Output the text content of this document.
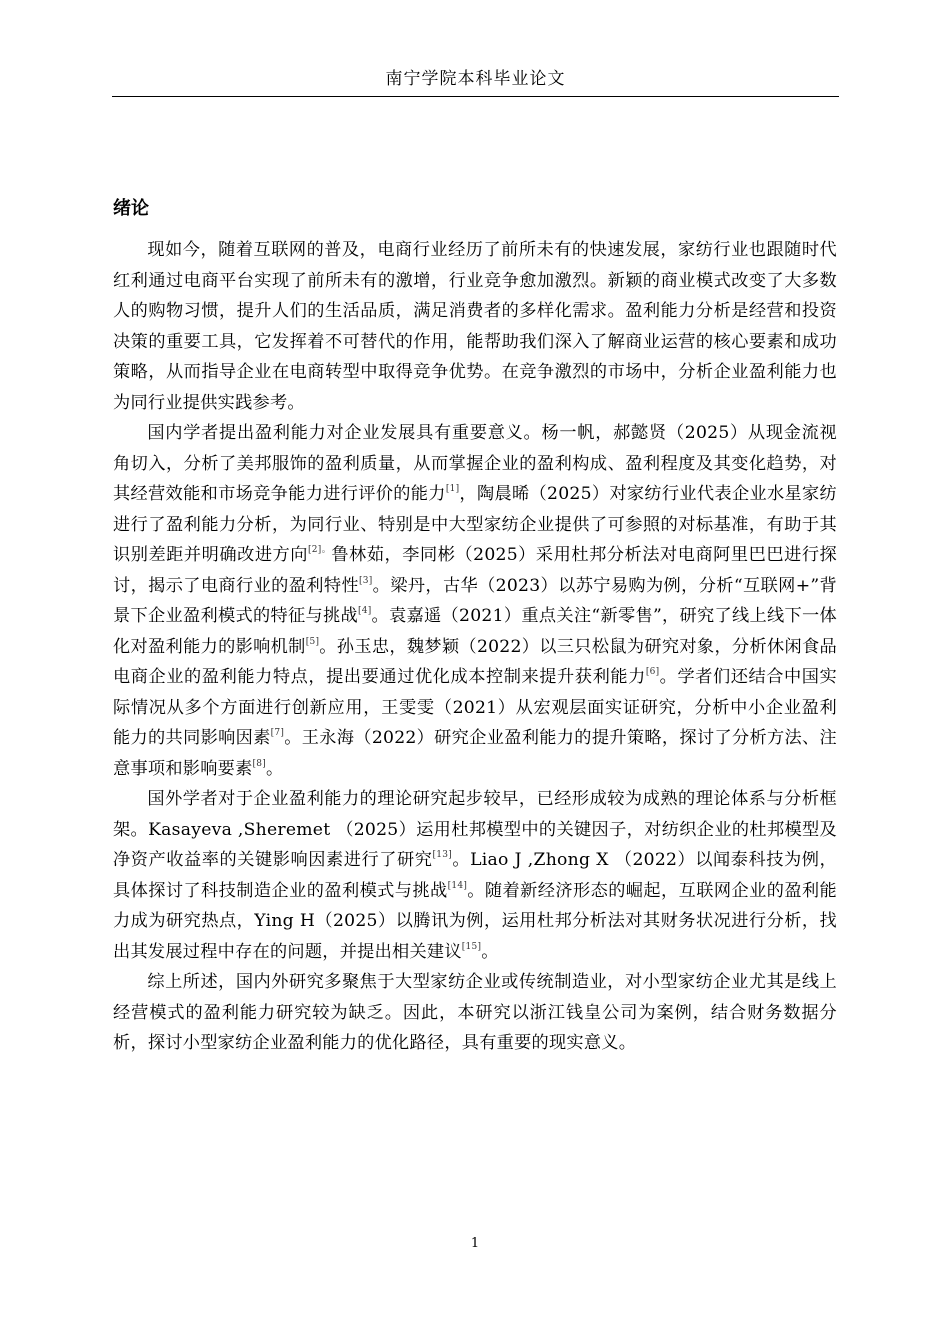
南宁学院本科毕业论文
绪论

现如今，随着互联网的普及，电商行业经历了前所未有的快速发展，家纺行业也跟随时代红利通过电商平台实现了前所未有的激增，行业竞争愈加激烈。新颖的商业模式改变了大多数人的购物习惯，提升人们的生活品质，满足消费者的多样化需求。盈利能力分析是经营和投资决策的重要工具，它发挥着不可替代的作用，能帮助我们深入了解商业运营的核心要素和成功策略，从而指导企业在电商转型中取得竞争优势。在竞争激烈的市场中，分析企业盈利能力也为同行业提供实践参考。

国内学者提出盈利能力对企业发展具有重要意义。杨一帆，郝懿贤（2025）从现金流视角切入，分析了美邦服饰的盈利质量，从而掌握企业的盈利构成、盈利程度及其变化趋势，对其经营效能和市场竞争能力进行评价的能力[1]，陶晨晞（2025）对家纺行业代表企业水星家纺进行了盈利能力分析，为同行业、特别是中大型家纺企业提供了可参照的对标基准，有助于其识别差距并明确改进方向$^{[2]。}$鲁林茹，李同彬（2025）采用杜邦分析法对电商阿里巴巴进行探讨，揭示了电商行业的盈利特性[3]。梁丹，古华（2023）以苏宁易购为例，分析“互联网+”背景下企业盈利模式的特征与挑战[4]。袁嘉遥（2021）重点关注“新零售”，研究了线上线下一体化对盈利能力的影响机制[5]。孙玉忠，魏梦颖（2022）以三只松鼠为研究对象，分析休闲食品电商企业的盈利能力特点，提出要通过优化成本控制来提升获利能力[6]。学者们还结合中国实际情况从多个方面进行创新应用，王雯雯（2021）从宏观层面实证研究，分析中小企业盈利能力的共同影响因素[7]。王永海（2022）研究企业盈利能力的提升策略，探讨了分析方法、注意事项和影响要素[8]。

国外学者对于企业盈利能力的理论研究起步较早，已经形成较为成熟的理论体系与分析框架。Kasayeva ,Sheremet （2025）运用杜邦模型中的关键因子，对纺织企业的杜邦模型及净资产收益率的关键影响因素进行了研究[13]。Liao J ,Zhong X （2022）以闻泰科技为例，具体探讨了科技制造企业的盈利模式与挑战[14]。随着新经济形态的崛起，互联网企业的盈利能力成为研究热点，Ying H（2025）以腾讯为例，运用杜邦分析法对其财务状况进行分析，找出其发展过程中存在的问题，并提出相关建议[15]。

综上所述，国内外研究多聚焦于大型家纺企业或传统制造业，对小型家纺企业尤其是线上经营模式的盈利能力研究较为缺乏。因此，本研究以浙江钱皇公司为案例，结合财务数据分析，探讨小型家纺企业盈利能力的优化路径，具有重要的现实意义。

1
